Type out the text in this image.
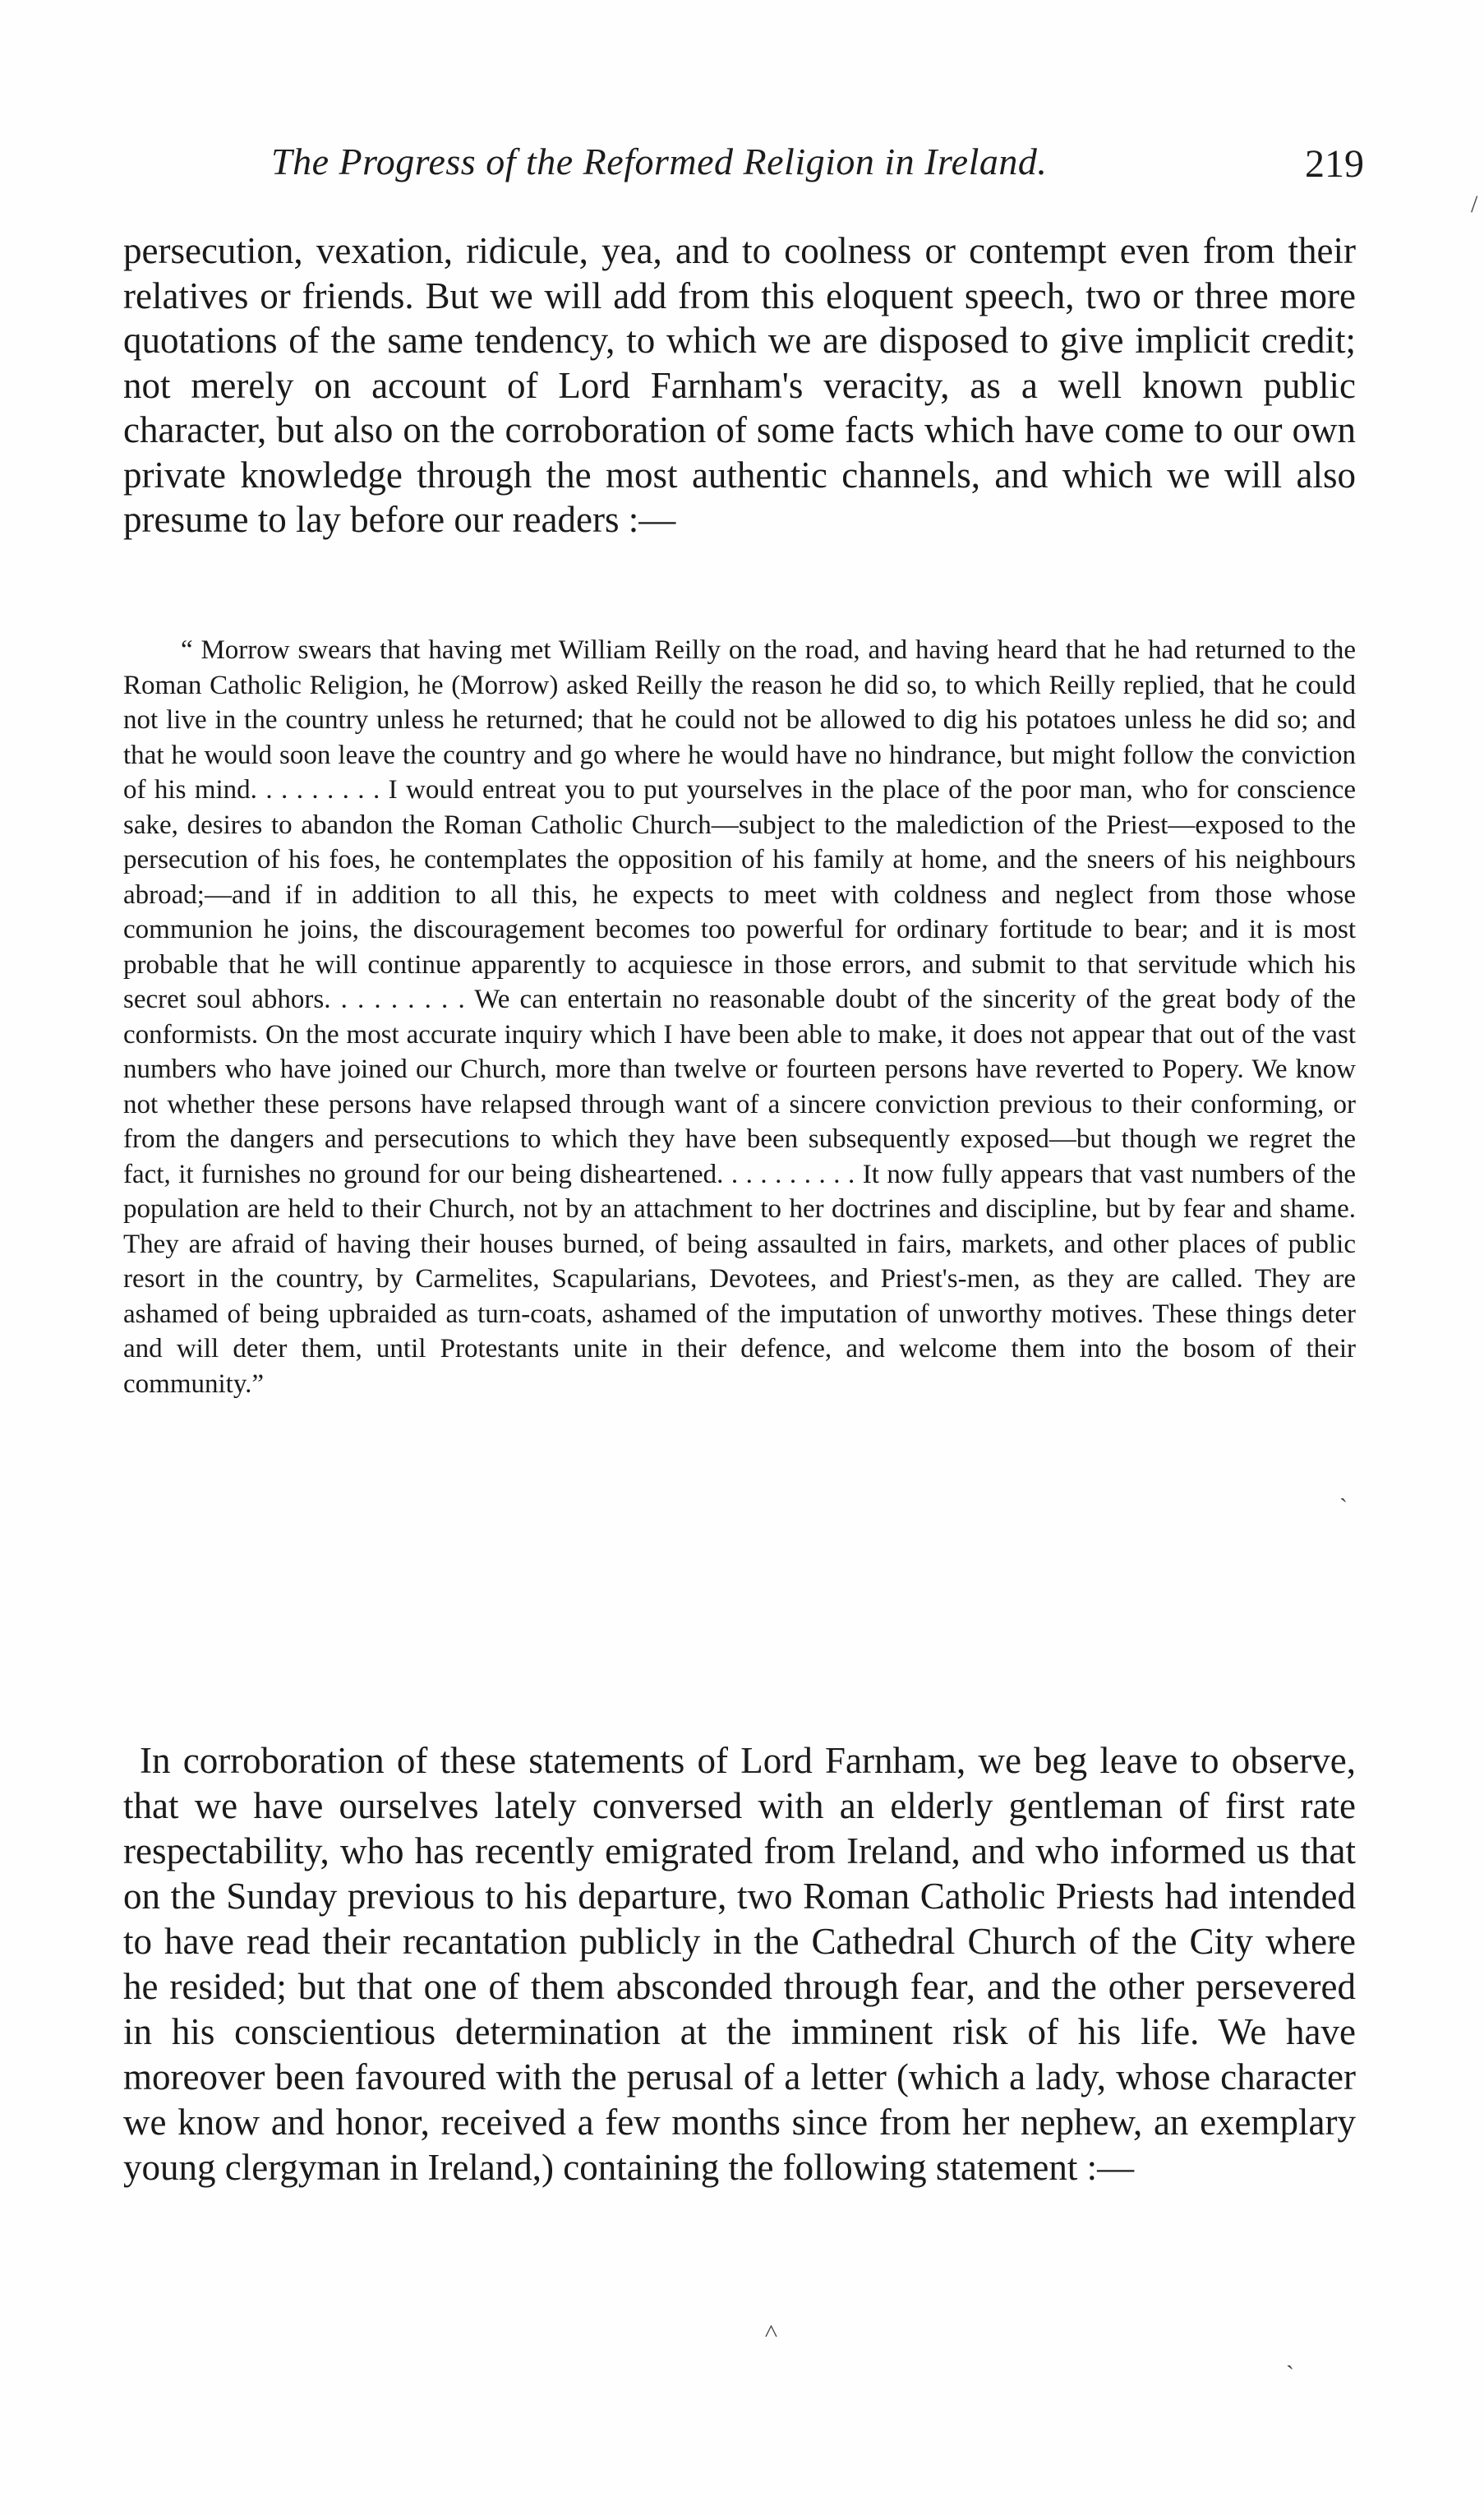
The Progress of the Reformed Religion in Ireland.	219

persecution, vexation, ridicule, yea, and to coolness or contempt even from their relatives or friends. But we will add from this eloquent speech, two or three more quotations of the same tendency, to which we are disposed to give implicit credit; not merely on account of Lord Farnham's veracity, as a well known public character, but also on the corroboration of some facts which have come to our own private knowledge through the most authentic channels, and which we will also presume to lay before our readers :—

“ Morrow swears that having met William Reilly on the road, and having heard that he had returned to the Roman Catholic Religion, he (Morrow) asked Reilly the reason he did so, to which Reilly replied, that he could not live in the country unless he returned; that he could not be allowed to dig his potatoes unless he did so; and that he would soon leave the country and go where he would have no hindrance, but might follow the conviction of his mind. . . . . . . . . I would entreat you to put yourselves in the place of the poor man, who for conscience sake, desires to abandon the Roman Catholic Church—subject to the malediction of the Priest—exposed to the persecution of his foes, he contemplates the opposition of his family at home, and the sneers of his neighbours abroad;—and if in addition to all this, he expects to meet with coldness and neglect from those whose communion he joins, the discouragement becomes too powerful for ordinary fortitude to bear; and it is most probable that he will continue apparently to acquiesce in those errors, and submit to that servitude which his secret soul abhors. . . . . . . . . We can entertain no reasonable doubt of the sincerity of the great body of the conformists. On the most accurate inquiry which I have been able to make, it does not appear that out of the vast numbers who have joined our Church, more than twelve or fourteen persons have reverted to Popery. We know not whether these persons have relapsed through want of a sincere conviction previous to their conforming, or from the dangers and persecutions to which they have been subsequently exposed—but though we regret the fact, it furnishes no ground for our being disheartened. . . . . . . . . . It now fully appears that vast numbers of the population are held to their Church, not by an attachment to her doctrines and discipline, but by fear and shame. They are afraid of having their houses burned, of being assaulted in fairs, markets, and other places of public resort in the country, by Carmelites, Scapularians, Devotees, and Priest's-men, as they are called. They are ashamed of being upbraided as turn-coats, ashamed of the imputation of unworthy motives. These things deter and will deter them, until Protestants unite in their defence, and welcome them into the bosom of their community.”

In corroboration of these statements of Lord Farnham, we beg leave to observe, that we have ourselves lately conversed with an elderly gentleman of first rate respectability, who has recently emigrated from Ireland, and who informed us that on the Sunday previous to his departure, two Roman Catholic Priests had intended to have read their recantation publicly in the Cathedral Church of the City where he resided; but that one of them absconded through fear, and the other persevered in his conscientious determination at the imminent risk of his life. We have moreover been favoured with the perusal of a letter (which a lady, whose character we know and honor, received a few months since from her nephew, an exemplary young clergyman in Ireland,) containing the following statement :—

/
ˎ
˄
ˎ
